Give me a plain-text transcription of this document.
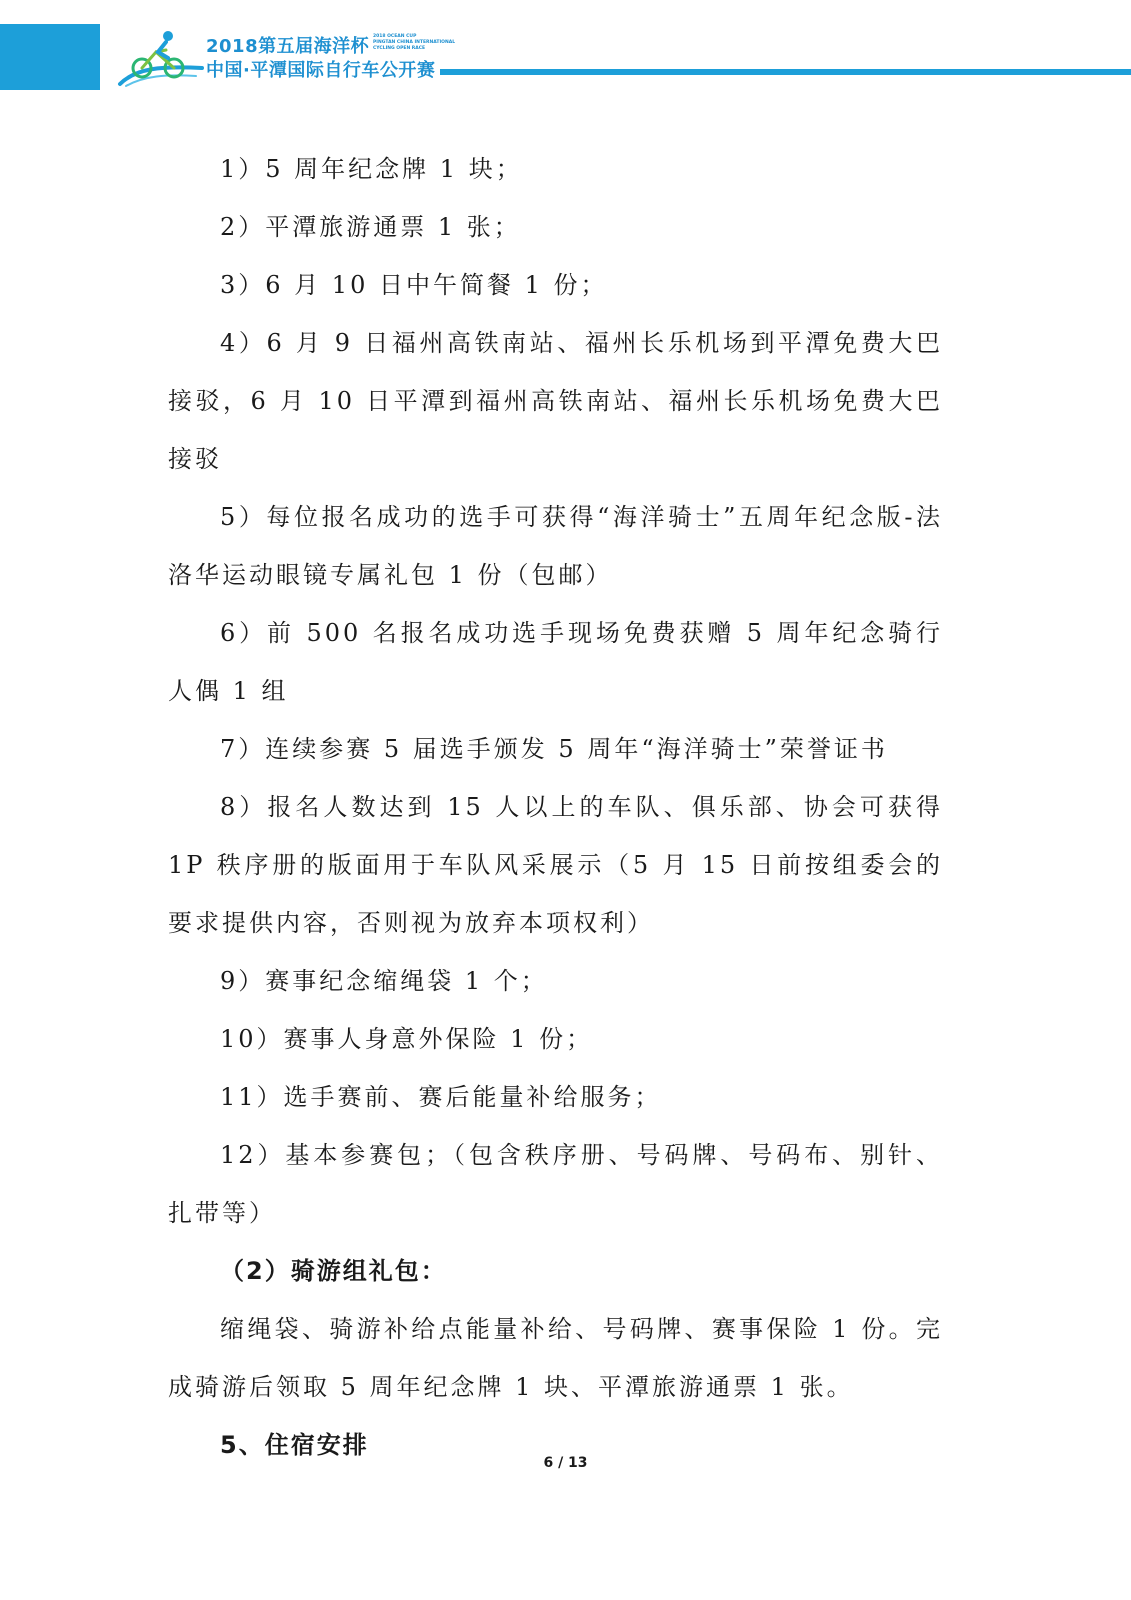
2018第五届海洋杯
中国·平潭国际自行车公开赛
2018 OCEAN CUP
PINGTAN CHINA INTERNATIONAL
CYCLING OPEN RACE

1）5 周年纪念牌 1 块；

2）平潭旅游通票 1 张；

3）6 月 10 日中午简餐 1 份；

4）6 月 9 日福州高铁南站、福州长乐机场到平潭免费大巴接驳，6 月 10 日平潭到福州高铁南站、福州长乐机场免费大巴接驳

5）每位报名成功的选手可获得“海洋骑士”五周年纪念版-法洛华运动眼镜专属礼包 1 份（包邮）

6）前 500 名报名成功选手现场免费获赠 5 周年纪念骑行人偶 1 组

7）连续参赛 5 届选手颁发 5 周年“海洋骑士”荣誉证书

8）报名人数达到 15 人以上的车队、俱乐部、协会可获得 1P 秩序册的版面用于车队风采展示（5 月 15 日前按组委会的要求提供内容，否则视为放弃本项权利）

9）赛事纪念缩绳袋 1 个；

10）赛事人身意外保险 1 份；

11）选手赛前、赛后能量补给服务；

12）基本参赛包；（包含秩序册、号码牌、号码布、别针、扎带等）

（2）骑游组礼包：

缩绳袋、骑游补给点能量补给、号码牌、赛事保险 1 份。完成骑游后领取 5 周年纪念牌 1 块、平潭旅游通票 1 张。

5、住宿安排

6 / 13
